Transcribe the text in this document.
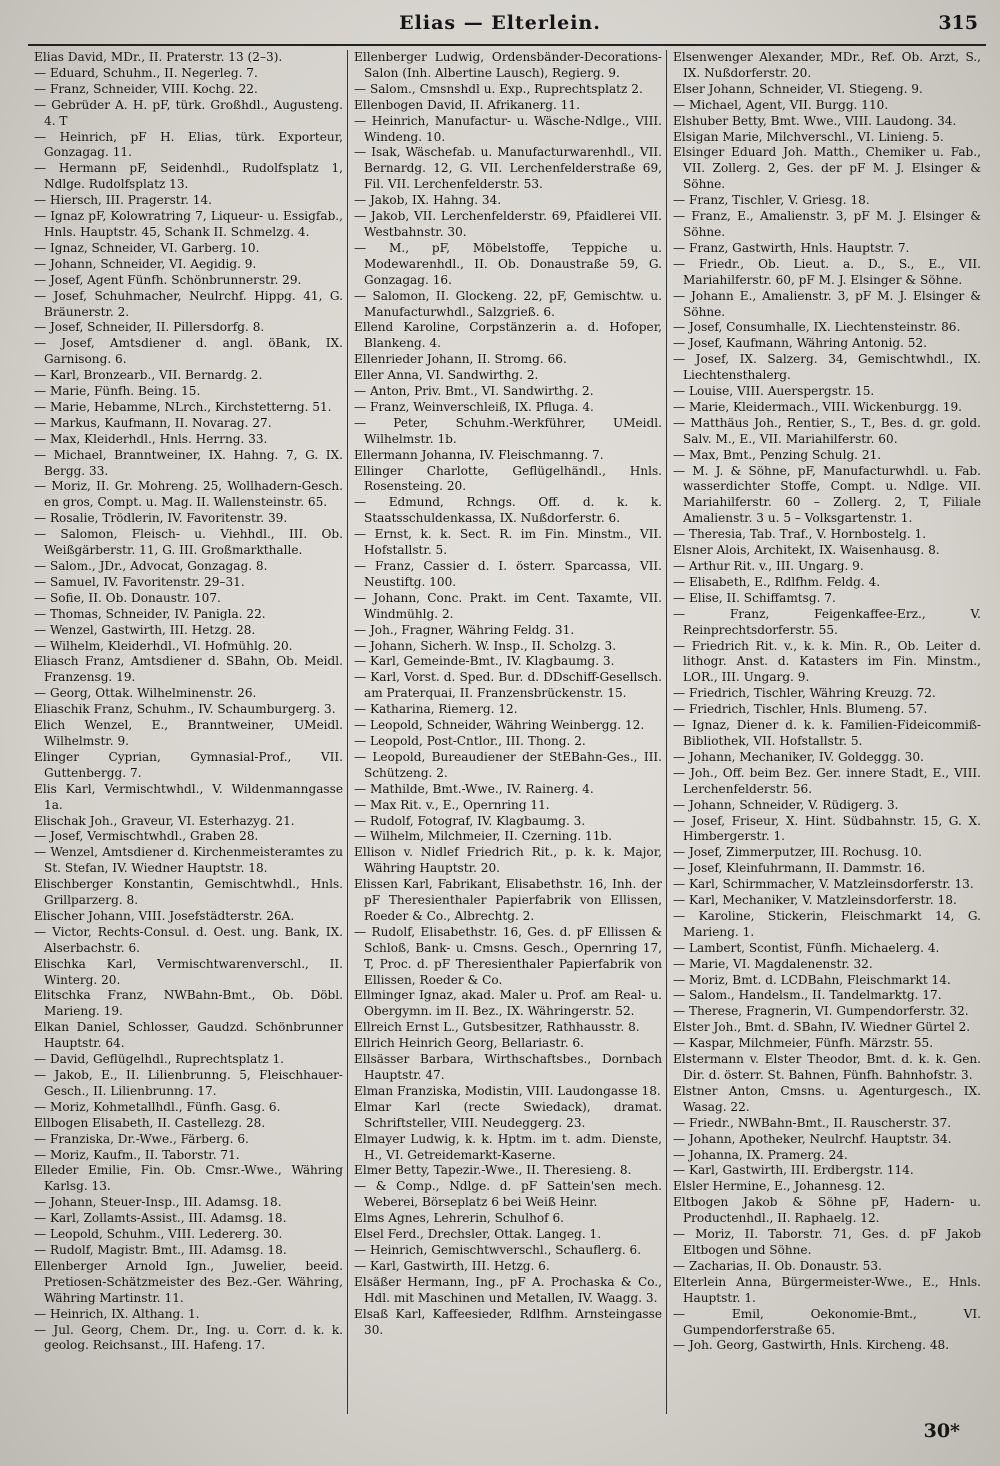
Elias — Elterlein.	315
Elias David, MDr., II. Praterstr. 13 (2–3).
— Eduard, Schuhm., II. Negerleg. 7.
— Franz, Schneider, VIII. Kochg. 22.
— Gebrüder A. H. pF, türk. Großhdl., Augusteng. 4. T
— Heinrich, pF H. Elias, türk. Exporteur, Gonzagag. 11.
— Hermann pF, Seidenhdl., Rudolfsplatz 1, Ndlge. Rudolfsplatz 13.
— Hiersch, III. Pragerstr. 14.
— Ignaz pF, Kolowratring 7, Liqueur- u. Essigfab., Hnls. Hauptstr. 45, Schank II. Schmelzg. 4.
— Ignaz, Schneider, VI. Garberg. 10.
— Johann, Schneider, VI. Aegidig. 9.
— Josef, Agent Fünfh. Schönbrunnerstr. 29.
— Josef, Schuhmacher, Neulrchf. Hippg. 41, G. Bräunerstr. 2.
— Josef, Schneider, II. Pillersdorfg. 8.
— Josef, Amtsdiener d. angl. öBank, IX. Garnisong. 6.
— Karl, Bronzearb., VII. Bernardg. 2.
— Marie, Fünfh. Being. 15.
— Marie, Hebamme, NLrch., Kirchstetterng. 51.
— Markus, Kaufmann, II. Novarag. 27.
— Max, Kleiderhdl., Hnls. Herrng. 33.
— Michael, Branntweiner, IX. Hahng. 7, G. IX. Bergg. 33.
— Moriz, II. Gr. Mohreng. 25, Wollhadern-Gesch. en gros, Compt. u. Mag. II. Wallensteinstr. 65.
— Rosalie, Trödlerin, IV. Favoritenstr. 39.
— Salomon, Fleisch- u. Viehhdl., III. Ob. Weißgärberstr. 11, G. III. Großmarkthalle.
— Salom., JDr., Advocat, Gonzagag. 8.
— Samuel, IV. Favoritenstr. 29–31.
— Sofie, II. Ob. Donaustr. 107.
— Thomas, Schneider, IV. Panigla. 22.
— Wenzel, Gastwirth, III. Hetzg. 28.
— Wilhelm, Kleiderhdl., VI. Hofmühlg. 20.
Eliasch Franz, Amtsdiener d. SBahn, Ob. Meidl. Franzensg. 19.
— Georg, Ottak. Wilhelminenstr. 26.
Eliaschik Franz, Schuhm., IV. Schaumburgerg. 3.
Elich Wenzel, E., Branntweiner, UMeidl. Wilhelmstr. 9.
Elinger Cyprian, Gymnasial-Prof., VII. Guttenbergg. 7.
Elis Karl, Vermischtwhdl., V. Wildenmanngasse 1a.
Elischak Joh., Graveur, VI. Esterhazyg. 21.
— Josef, Vermischtwhdl., Graben 28.
— Wenzel, Amtsdiener d. Kirchenmeisteramtes zu St. Stefan, IV. Wiedner Hauptstr. 18.
Elischberger Konstantin, Gemischtwhdl., Hnls. Grillparzerg. 8.
Elischer Johann, VIII. Josefstädterstr. 26A.
— Victor, Rechts-Consul. d. Oest. ung. Bank, IX. Alserbachstr. 6.
Elischka Karl, Vermischtwarenverschl., II. Winterg. 20.
Elitschka Franz, NWBahn-Bmt., Ob. Döbl. Marieng. 19.
Elkan Daniel, Schlosser, Gaudzd. Schönbrunner Hauptstr. 64.
— David, Geflügelhdl., Ruprechtsplatz 1.
— Jakob, E., II. Lilienbrunng. 5, Fleischhauer-Gesch., II. Lilienbrunng. 17.
— Moriz, Kohmetallhdl., Fünfh. Gasg. 6.
Ellbogen Elisabeth, II. Castellezg. 28.
— Franziska, Dr.-Wwe., Färberg. 6.
— Moriz, Kaufm., II. Taborstr. 71.
Elleder Emilie, Fin. Ob. Cmsr.-Wwe., Währing Karlsg. 13.
— Johann, Steuer-Insp., III. Adamsg. 18.
— Karl, Zollamts-Assist., III. Adamsg. 18.
— Leopold, Schuhm., VIII. Ledererg. 30.
— Rudolf, Magistr. Bmt., III. Adamsg. 18.
Ellenberger Arnold Ign., Juwelier, beeid. Pretiosen-Schätzmeister des Bez.-Ger. Währing, Währing Martinstr. 11.
— Heinrich, IX. Althang. 1.
— Jul. Georg, Chem. Dr., Ing. u. Corr. d. k. k. geolog. Reichsanst., III. Hafeng. 17.
Ellenberger Ludwig, Ordensbänder-Decorations-Salon (Inh. Albertine Lausch), Regierg. 9.
— Salom., Cmsnshdl u. Exp., Ruprechtsplatz 2.
Ellenbogen David, II. Afrikanerg. 11.
— Heinrich, Manufactur- u. Wäsche-Ndlge., VIII. Windeng. 10.
— Isak, Wäschefab. u. Manufacturwarenhdl., VII. Bernardg. 12, G. VII. Lerchenfelderstraße 69, Fil. VII. Lerchenfelderstr. 53.
— Jakob, IX. Hahng. 34.
— Jakob, VII. Lerchenfelderstr. 69, Pfaidlerei VII. Westbahnstr. 30.
— M., pF, Möbelstoffe, Teppiche u. Modewarenhdl., II. Ob. Donaustraße 59, G. Gonzagag. 16.
— Salomon, II. Glockeng. 22, pF, Gemischtw. u. Manufacturwhdl., Salzgrieß. 6.
Ellend Karoline, Corpstänzerin a. d. Hofoper, Blankeng. 4.
Ellenrieder Johann, II. Stromg. 66.
Eller Anna, VI. Sandwirthg. 2.
— Anton, Priv. Bmt., VI. Sandwirthg. 2.
— Franz, Weinverschleiß, IX. Pfluga. 4.
— Peter, Schuhm.-Werkführer, UMeidl. Wilhelmstr. 1b.
Ellermann Johanna, IV. Fleischmanng. 7.
Ellinger Charlotte, Geflügelhändl., Hnls. Rosensteing. 20.
— Edmund, Rchngs. Off. d. k. k. Staatsschuldenkassa, IX. Nußdorferstr. 6.
— Ernst, k. k. Sect. R. im Fin. Minstm., VII. Hofstallstr. 5.
— Franz, Cassier d. I. österr. Sparcassa, VII. Neustiftg. 100.
— Johann, Conc. Prakt. im Cent. Taxamte, VII. Windmühlg. 2.
— Joh., Fragner, Währing Feldg. 31.
— Johann, Sicherh. W. Insp., II. Scholzg. 3.
— Karl, Gemeinde-Bmt., IV. Klagbaumg. 3.
— Karl, Vorst. d. Sped. Bur. d. DDschiff-Gesellsch. am Praterquai, II. Franzensbrückenstr. 15.
— Katharina, Riemerg. 12.
— Leopold, Schneider, Währing Weinbergg. 12.
— Leopold, Post-Cntlor., III. Thong. 2.
— Leopold, Bureaudiener der StEBahn-Ges., III. Schützeng. 2.
— Mathilde, Bmt.-Wwe., IV. Rainerg. 4.
— Max Rit. v., E., Opernring 11.
— Rudolf, Fotograf, IV. Klagbaumg. 3.
— Wilhelm, Milchmeier, II. Czerning. 11b.
Ellison v. Nidlef Friedrich Rit., p. k. k. Major, Währing Hauptstr. 20.
Elissen Karl, Fabrikant, Elisabethstr. 16, Inh. der pF Theresienthaler Papierfabrik von Ellissen, Roeder & Co., Albrechtg. 2.
— Rudolf, Elisabethstr. 16, Ges. d. pF Ellissen & Schloß, Bank- u. Cmsns. Gesch., Opernring 17, T, Proc. d. pF Theresienthaler Papierfabrik von Ellissen, Roeder & Co.
Ellminger Ignaz, akad. Maler u. Prof. am Real- u. Obergymn. im II. Bez., IX. Währingerstr. 52.
Ellreich Ernst L., Gutsbesitzer, Rathhausstr. 8.
Ellrich Heinrich Georg, Bellariastr. 6.
Ellsässer Barbara, Wirthschaftsbes., Dornbach Hauptstr. 47.
Elman Franziska, Modistin, VIII. Laudongasse 18.
Elmar Karl (recte Swiedack), dramat. Schriftsteller, VIII. Neudeggerg. 23.
Elmayer Ludwig, k. k. Hptm. im t. adm. Dienste, H., VI. Getreidemarkt-Kaserne.
Elmer Betty, Tapezir.-Wwe., II. Theresieng. 8.
— & Comp., Ndlge. d. pF Sattein'sen mech. Weberei, Börseplatz 6 bei Weiß Heinr.
Elms Agnes, Lehrerin, Schulhof 6.
Elsel Ferd., Drechsler, Ottak. Langeg. 1.
— Heinrich, Gemischtwverschl., Schauflerg. 6.
— Karl, Gastwirth, III. Hetzg. 6.
Elsäßer Hermann, Ing., pF A. Prochaska & Co., Hdl. mit Maschinen und Metallen, IV. Waagg. 3.
Elsaß Karl, Kaffeesieder, Rdlfhm. Arnsteingasse 30.
Elsenwenger Alexander, MDr., Ref. Ob. Arzt, S., IX. Nußdorferstr. 20.
Elser Johann, Schneider, VI. Stiegeng. 9.
— Michael, Agent, VII. Burgg. 110.
Elshuber Betty, Bmt. Wwe., VIII. Laudong. 34.
Elsigan Marie, Milchverschl., VI. Linieng. 5.
Elsinger Eduard Joh. Matth., Chemiker u. Fab., VII. Zollerg. 2, Ges. der pF M. J. Elsinger & Söhne.
— Franz, Tischler, V. Griesg. 18.
— Franz, E., Amalienstr. 3, pF M. J. Elsinger & Söhne.
— Franz, Gastwirth, Hnls. Hauptstr. 7.
— Friedr., Ob. Lieut. a. D., S., E., VII. Mariahilferstr. 60, pF M. J. Elsinger & Söhne.
— Johann E., Amalienstr. 3, pF M. J. Elsinger & Söhne.
— Josef, Consumhalle, IX. Liechtensteinstr. 86.
— Josef, Kaufmann, Währing Antonig. 52.
— Josef, IX. Salzerg. 34, Gemischtwhdl., IX. Liechtensthalerg.
— Louise, VIII. Auerspergstr. 15.
— Marie, Kleidermach., VIII. Wickenburgg. 19.
— Matthäus Joh., Rentier, S., T., Bes. d. gr. gold. Salv. M., E., VII. Mariahilferstr. 60.
— Max, Bmt., Penzing Schulg. 21.
— M. J. & Söhne, pF, Manufacturwhdl. u. Fab. wasserdichter Stoffe, Compt. u. Ndlge. VII. Mariahilferstr. 60 – Zollerg. 2, T, Filiale Amalienstr. 3 u. 5 – Volksgartenstr. 1.
— Theresia, Tab. Traf., V. Hornbostelg. 1.
Elsner Alois, Architekt, IX. Waisenhausg. 8.
— Arthur Rit. v., III. Ungarg. 9.
— Elisabeth, E., Rdlfhm. Feldg. 4.
— Elise, II. Schiffamtsg. 7.
— Franz, Feigenkaffee-Erz., V. Reinprechtsdorferstr. 55.
— Friedrich Rit. v., k. k. Min. R., Ob. Leiter d. lithogr. Anst. d. Katasters im Fin. Minstm., LOR., III. Ungarg. 9.
— Friedrich, Tischler, Währing Kreuzg. 72.
— Friedrich, Tischler, Hnls. Blumeng. 57.
— Ignaz, Diener d. k. k. Familien-Fideicommiß-Bibliothek, VII. Hofstallstr. 5.
— Johann, Mechaniker, IV. Goldeggg. 30.
— Joh., Off. beim Bez. Ger. innere Stadt, E., VIII. Lerchenfelderstr. 56.
— Johann, Schneider, V. Rüdigerg. 3.
— Josef, Friseur, X. Hint. Südbahnstr. 15, G. X. Himbergerstr. 1.
— Josef, Zimmerputzer, III. Rochusg. 10.
— Josef, Kleinfuhrmann, II. Dammstr. 16.
— Karl, Schirmmacher, V. Matzleinsdorferstr. 13.
— Karl, Mechaniker, V. Matzleinsdorferstr. 18.
— Karoline, Stickerin, Fleischmarkt 14, G. Marieng. 1.
— Lambert, Scontist, Fünfh. Michaelerg. 4.
— Marie, VI. Magdalenenstr. 32.
— Moriz, Bmt. d. LCDBahn, Fleischmarkt 14.
— Salom., Handelsm., II. Tandelmarktg. 17.
— Therese, Fragnerin, VI. Gumpendorferstr. 32.
Elster Joh., Bmt. d. SBahn, IV. Wiedner Gürtel 2.
— Kaspar, Milchmeier, Fünfh. Märzstr. 55.
Elstermann v. Elster Theodor, Bmt. d. k. k. Gen. Dir. d. österr. St. Bahnen, Fünfh. Bahnhofstr. 3.
Elstner Anton, Cmsns. u. Agenturgesch., IX. Wasag. 22.
— Friedr., NWBahn-Bmt., II. Rauscherstr. 37.
— Johann, Apotheker, Neulrchf. Hauptstr. 34.
— Johanna, IX. Pramerg. 24.
— Karl, Gastwirth, III. Erdbergstr. 114.
Elsler Hermine, E., Johannesg. 12.
Eltbogen Jakob & Söhne pF, Hadern- u. Productenhdl., II. Raphaelg. 12.
— Moriz, II. Taborstr. 71, Ges. d. pF Jakob Eltbogen und Söhne.
— Zacharias, II. Ob. Donaustr. 53.
Elterlein Anna, Bürgermeister-Wwe., E., Hnls. Hauptstr. 1.
— Emil, Oekonomie-Bmt., VI. Gumpendorferstraße 65.
— Joh. Georg, Gastwirth, Hnls. Kircheng. 48.
30*
